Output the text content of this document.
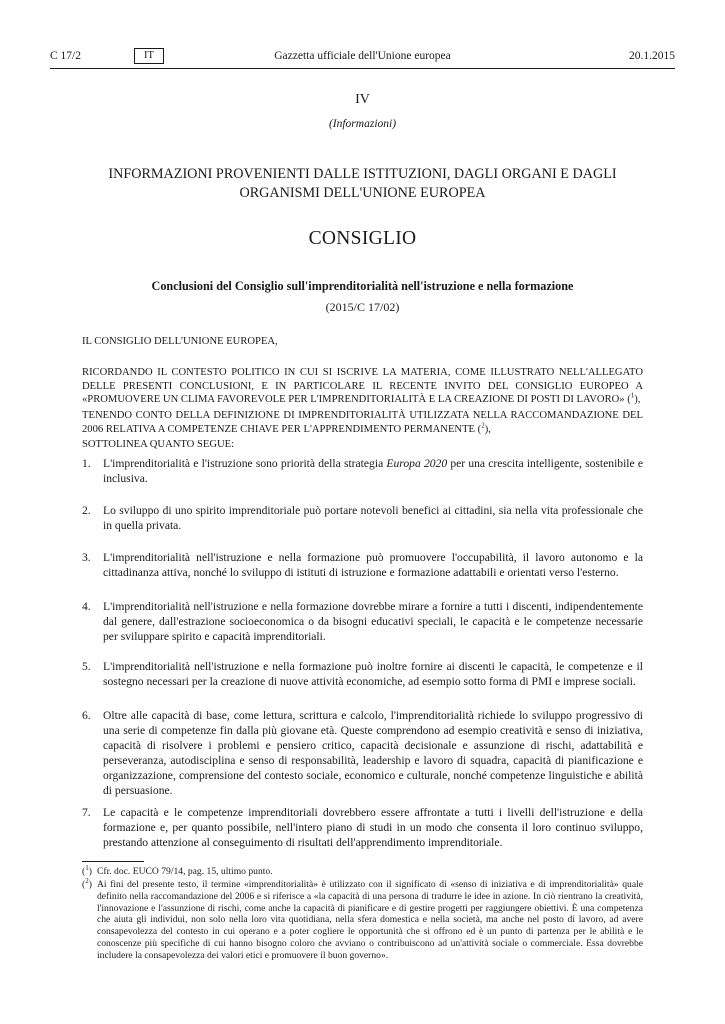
C 17/2	IT	Gazzetta ufficiale dell'Unione europea	20.1.2015
IV
(Informazioni)
INFORMAZIONI PROVENIENTI DALLE ISTITUZIONI, DAGLI ORGANI E DAGLI
ORGANISMI DELL'UNIONE EUROPEA
CONSIGLIO
Conclusioni del Consiglio sull'imprenditorialità nell'istruzione e nella formazione
(2015/C 17/02)
IL CONSIGLIO DELL'UNIONE EUROPEA,
RICORDANDO IL CONTESTO POLITICO IN CUI SI ISCRIVE LA MATERIA, COME ILLUSTRATO NELL'ALLEGATO DELLE PRESENTI CONCLUSIONI, E IN PARTICOLARE IL RECENTE INVITO DEL CONSIGLIO EUROPEO A «PROMUOVERE UN CLIMA FAVOREVOLE PER L'IMPRENDITORIALITÀ E LA CREAZIONE DI POSTI DI LAVORO» ($^1$),
TENENDO CONTO DELLA DEFINIZIONE DI IMPRENDITORIALITÀ UTILIZZATA NELLA RACCOMANDAZIONE DEL 2006 RELATIVA A COMPETENZE CHIAVE PER L'APPRENDIMENTO PERMANENTE ($^2$),
SOTTOLINEA QUANTO SEGUE:
1.	L'imprenditorialità e l'istruzione sono priorità della strategia Europa 2020 per una crescita intelligente, sostenibile e inclusiva.
2.	Lo sviluppo di uno spirito imprenditoriale può portare notevoli benefici ai cittadini, sia nella vita professionale che in quella privata.
3.	L'imprenditorialità nell'istruzione e nella formazione può promuovere l'occupabilità, il lavoro autonomo e la cittadinanza attiva, nonché lo sviluppo di istituti di istruzione e formazione adattabili e orientati verso l'esterno.
4.	L'imprenditorialità nell'istruzione e nella formazione dovrebbe mirare a fornire a tutti i discenti, indipendentemente dal genere, dall'estrazione socioeconomica o da bisogni educativi speciali, le capacità e le competenze necessarie per sviluppare spirito e capacità imprenditoriali.
5.	L'imprenditorialità nell'istruzione e nella formazione può inoltre fornire ai discenti le capacità, le competenze e il sostegno necessari per la creazione di nuove attività economiche, ad esempio sotto forma di PMI e imprese sociali.
6.	Oltre alle capacità di base, come lettura, scrittura e calcolo, l'imprenditorialità richiede lo sviluppo progressivo di una serie di competenze fin dalla più giovane età. Queste comprendono ad esempio creatività e senso di iniziativa, capacità di risolvere i problemi e pensiero critico, capacità decisionale e assunzione di rischi, adattabilità e perseveranza, autodisciplina e senso di responsabilità, leadership e lavoro di squadra, capacità di pianificazione e organizzazione, comprensione del contesto sociale, economico e culturale, nonché competenze linguistiche e abilità di persuasione.
7.	Le capacità e le competenze imprenditoriali dovrebbero essere affrontate a tutti i livelli dell'istruzione e della formazione e, per quanto possibile, nell'intero piano di studi in un modo che consenta il loro continuo sviluppo, prestando attenzione al conseguimento di risultati dell'apprendimento imprenditoriale.
($^1$) Cfr. doc. EUCO 79/14, pag. 15, ultimo punto.
($^2$) Ai fini del presente testo, il termine «imprenditorialità» è utilizzato con il significato di «senso di iniziativa e di imprenditorialità» quale definito nella raccomandazione del 2006 e si riferisce a «la capacità di una persona di tradurre le idee in azione. In ciò rientrano la creatività, l'innovazione e l'assunzione di rischi, come anche la capacità di pianificare e di gestire progetti per raggiungere obiettivi. È una competenza che aiuta gli individui, non solo nella loro vita quotidiana, nella sfera domestica e nella società, ma anche nel posto di lavoro, ad avere consapevolezza del contesto in cui operano e a poter cogliere le opportunità che si offrono ed è un punto di partenza per le abilità e le conoscenze più specifiche di cui hanno bisogno coloro che avviano o contribuiscono ad un'attività sociale o commerciale. Essa dovrebbe includere la consapevolezza dei valori etici e promuovere il buon governo».
